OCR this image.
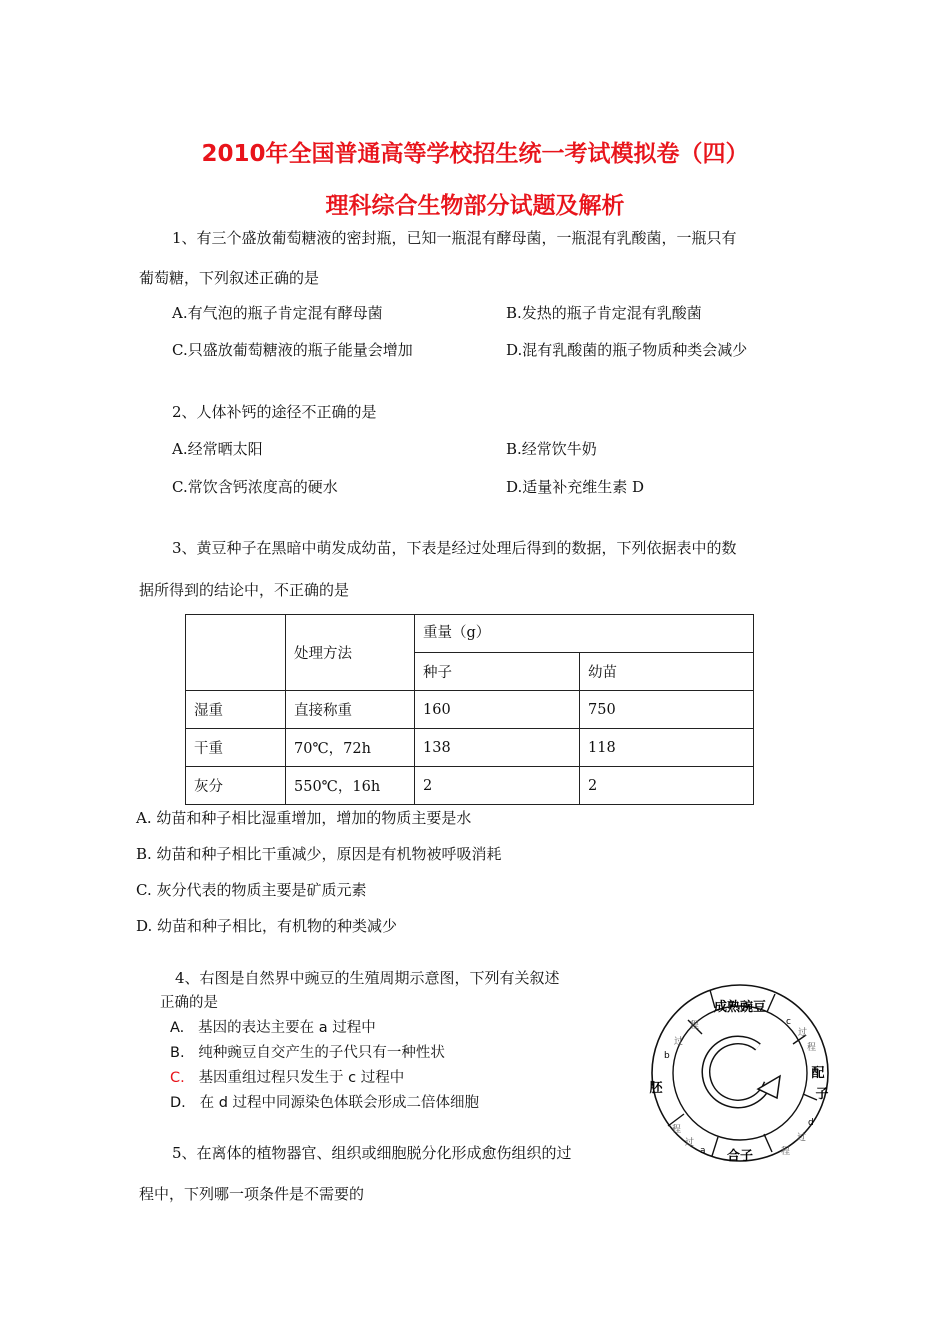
2010年全国普通高等学校招生统一考试模拟卷（四）
理科综合生物部分试题及解析
1、有三个盛放葡萄糖液的密封瓶，已知一瓶混有酵母菌，一瓶混有乳酸菌，一瓶只有
葡萄糖，下列叙述正确的是
A.有气泡的瓶子肯定混有酵母菌	B.发热的瓶子肯定混有乳酸菌
C.只盛放葡萄糖液的瓶子能量会增加	D.混有乳酸菌的瓶子物质种类会减少
2、人体补钙的途径不正确的是
A.经常晒太阳	B.经常饮牛奶
C.常饮含钙浓度高的硬水	D.适量补充维生素 D
3、黄豆种子在黑暗中萌发成幼苗，下表是经过处理后得到的数据，下列依据表中的数
据所得到的结论中，不正确的是
	处理方法	重量（g）	
		种子	幼苗
湿重	直接称重	160	750
干重	70℃，72h	138	118
灰分	550℃，16h	2	2
A. 幼苗和种子相比湿重增加，增加的物质主要是水
B. 幼苗和种子相比干重减少，原因是有机物被呼吸消耗
C. 灰分代表的物质主要是矿质元素
D. 幼苗和种子相比，有机物的种类减少
4、右图是自然界中豌豆的生殖周期示意图，下列有关叙述
正确的是
A. 基因的表达主要在 a 过程中
B. 纯种豌豆自交产生的子代只有一种性状
C. 基因重组过程只发生于 c 过程中
D. 在 d 过程中同源染色体联会形成二倍体细胞
成熟豌豆
配
子
合子
胚
a
b
c
d
程
过
过
程
过
程
程
过
5、在离体的植物器官、组织或细胞脱分化形成愈伤组织的过
程中，下列哪一项条件是不需要的
